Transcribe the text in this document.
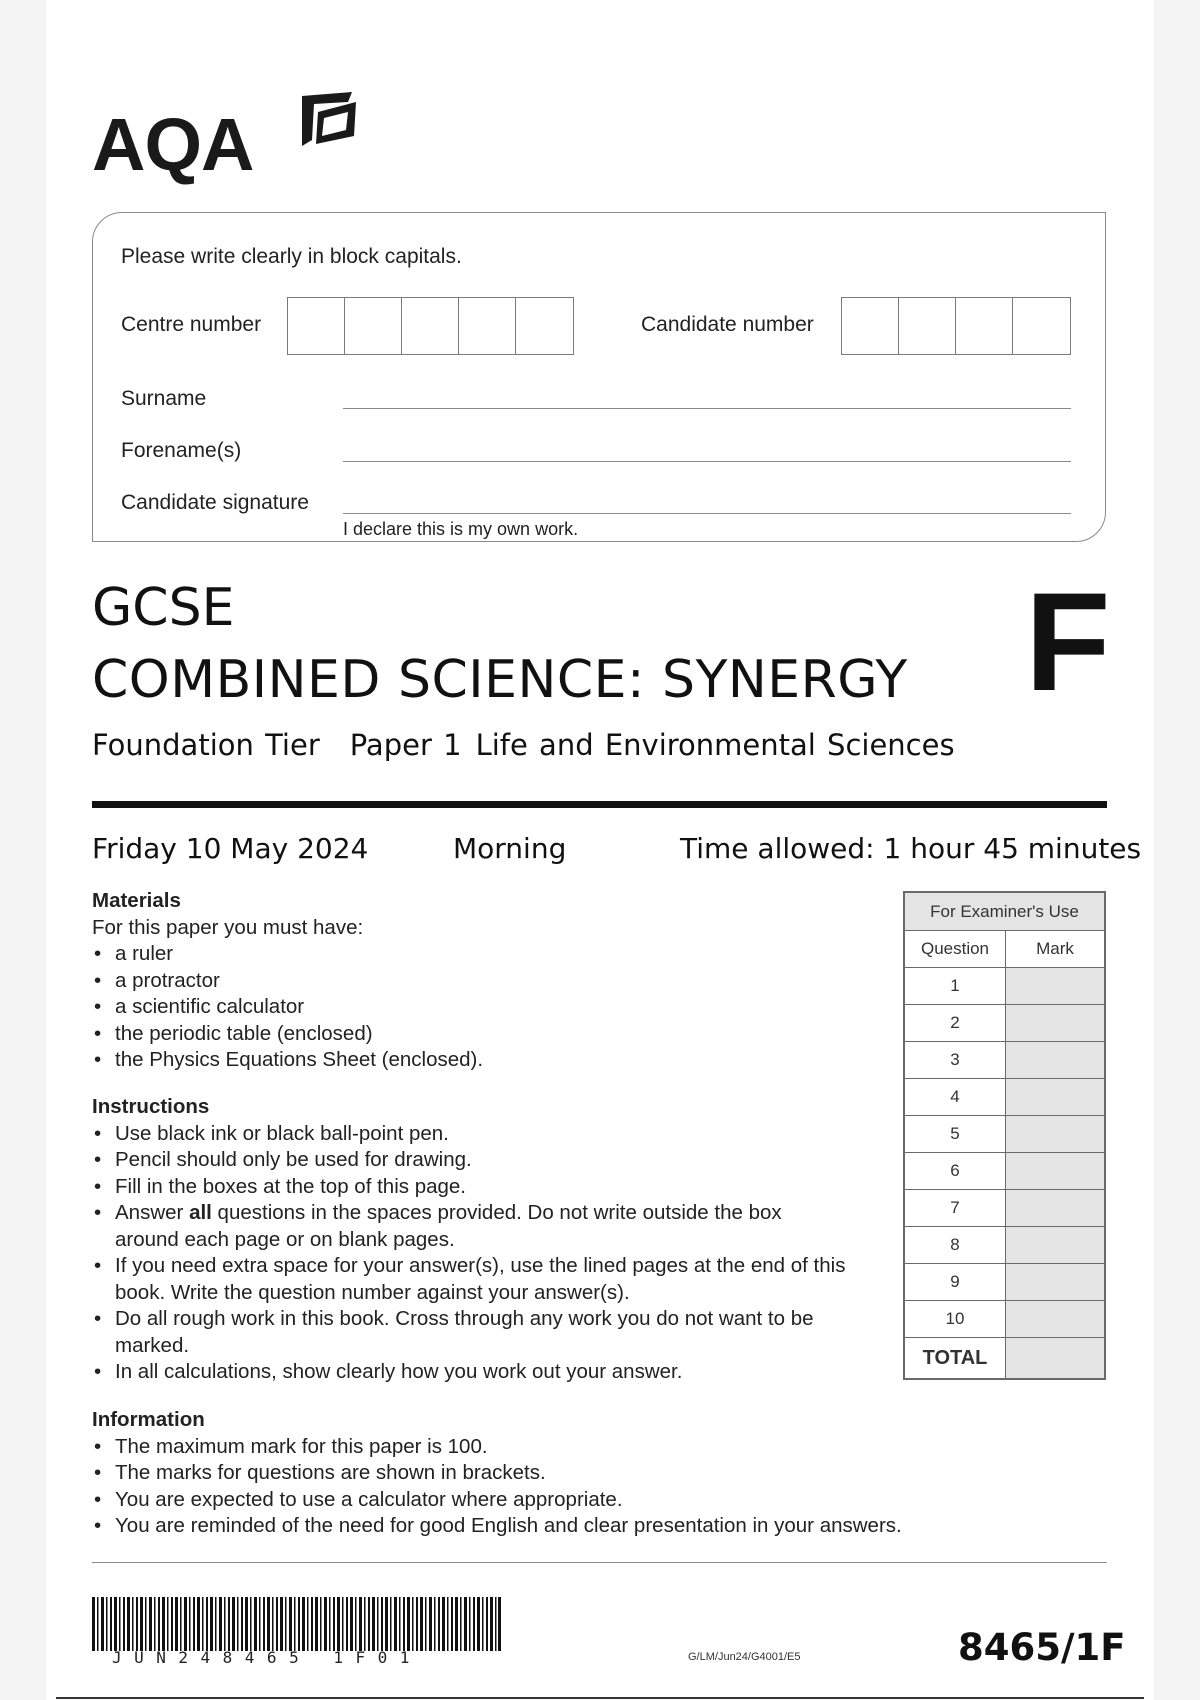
AQA
Please write clearly in block capitals.
Centre number	Candidate number
Surname
Forename(s)
Candidate signature
I declare this is my own work.
GCSE
COMBINED SCIENCE: SYNERGY
Foundation Tier Paper 1 Life and Environmental Sciences
F
Friday 10 May 2024	Morning	Time allowed: 1 hour 45 minutes
Materials

For this paper you must have:

• a ruler
• a protractor
• a scientific calculator
• the periodic table (enclosed)
• the Physics Equations Sheet (enclosed).
Instructions
• Use black ink or black ball-point pen.
• Pencil should only be used for drawing.
• Fill in the boxes at the top of this page.
• Answer all questions in the spaces provided. Do not write outside the box around each page or on blank pages.
• If you need extra space for your answer(s), use the lined pages at the end of this book. Write the question number against your answer(s).
• Do all rough work in this book. Cross through any work you do not want to be marked.
• In all calculations, show clearly how you work out your answer.
Information
• The maximum mark for this paper is 100.
• The marks for questions are shown in brackets.
• You are expected to use a calculator where appropriate.
• You are reminded of the need for good English and clear presentation in your answers.
For Examiner's Use
Question	Mark
1
2
3
4
5
6
7
8
9
10
TOTAL
JUN248465 1F01	G/LM/Jun24/G4001/E5	8465/1F
